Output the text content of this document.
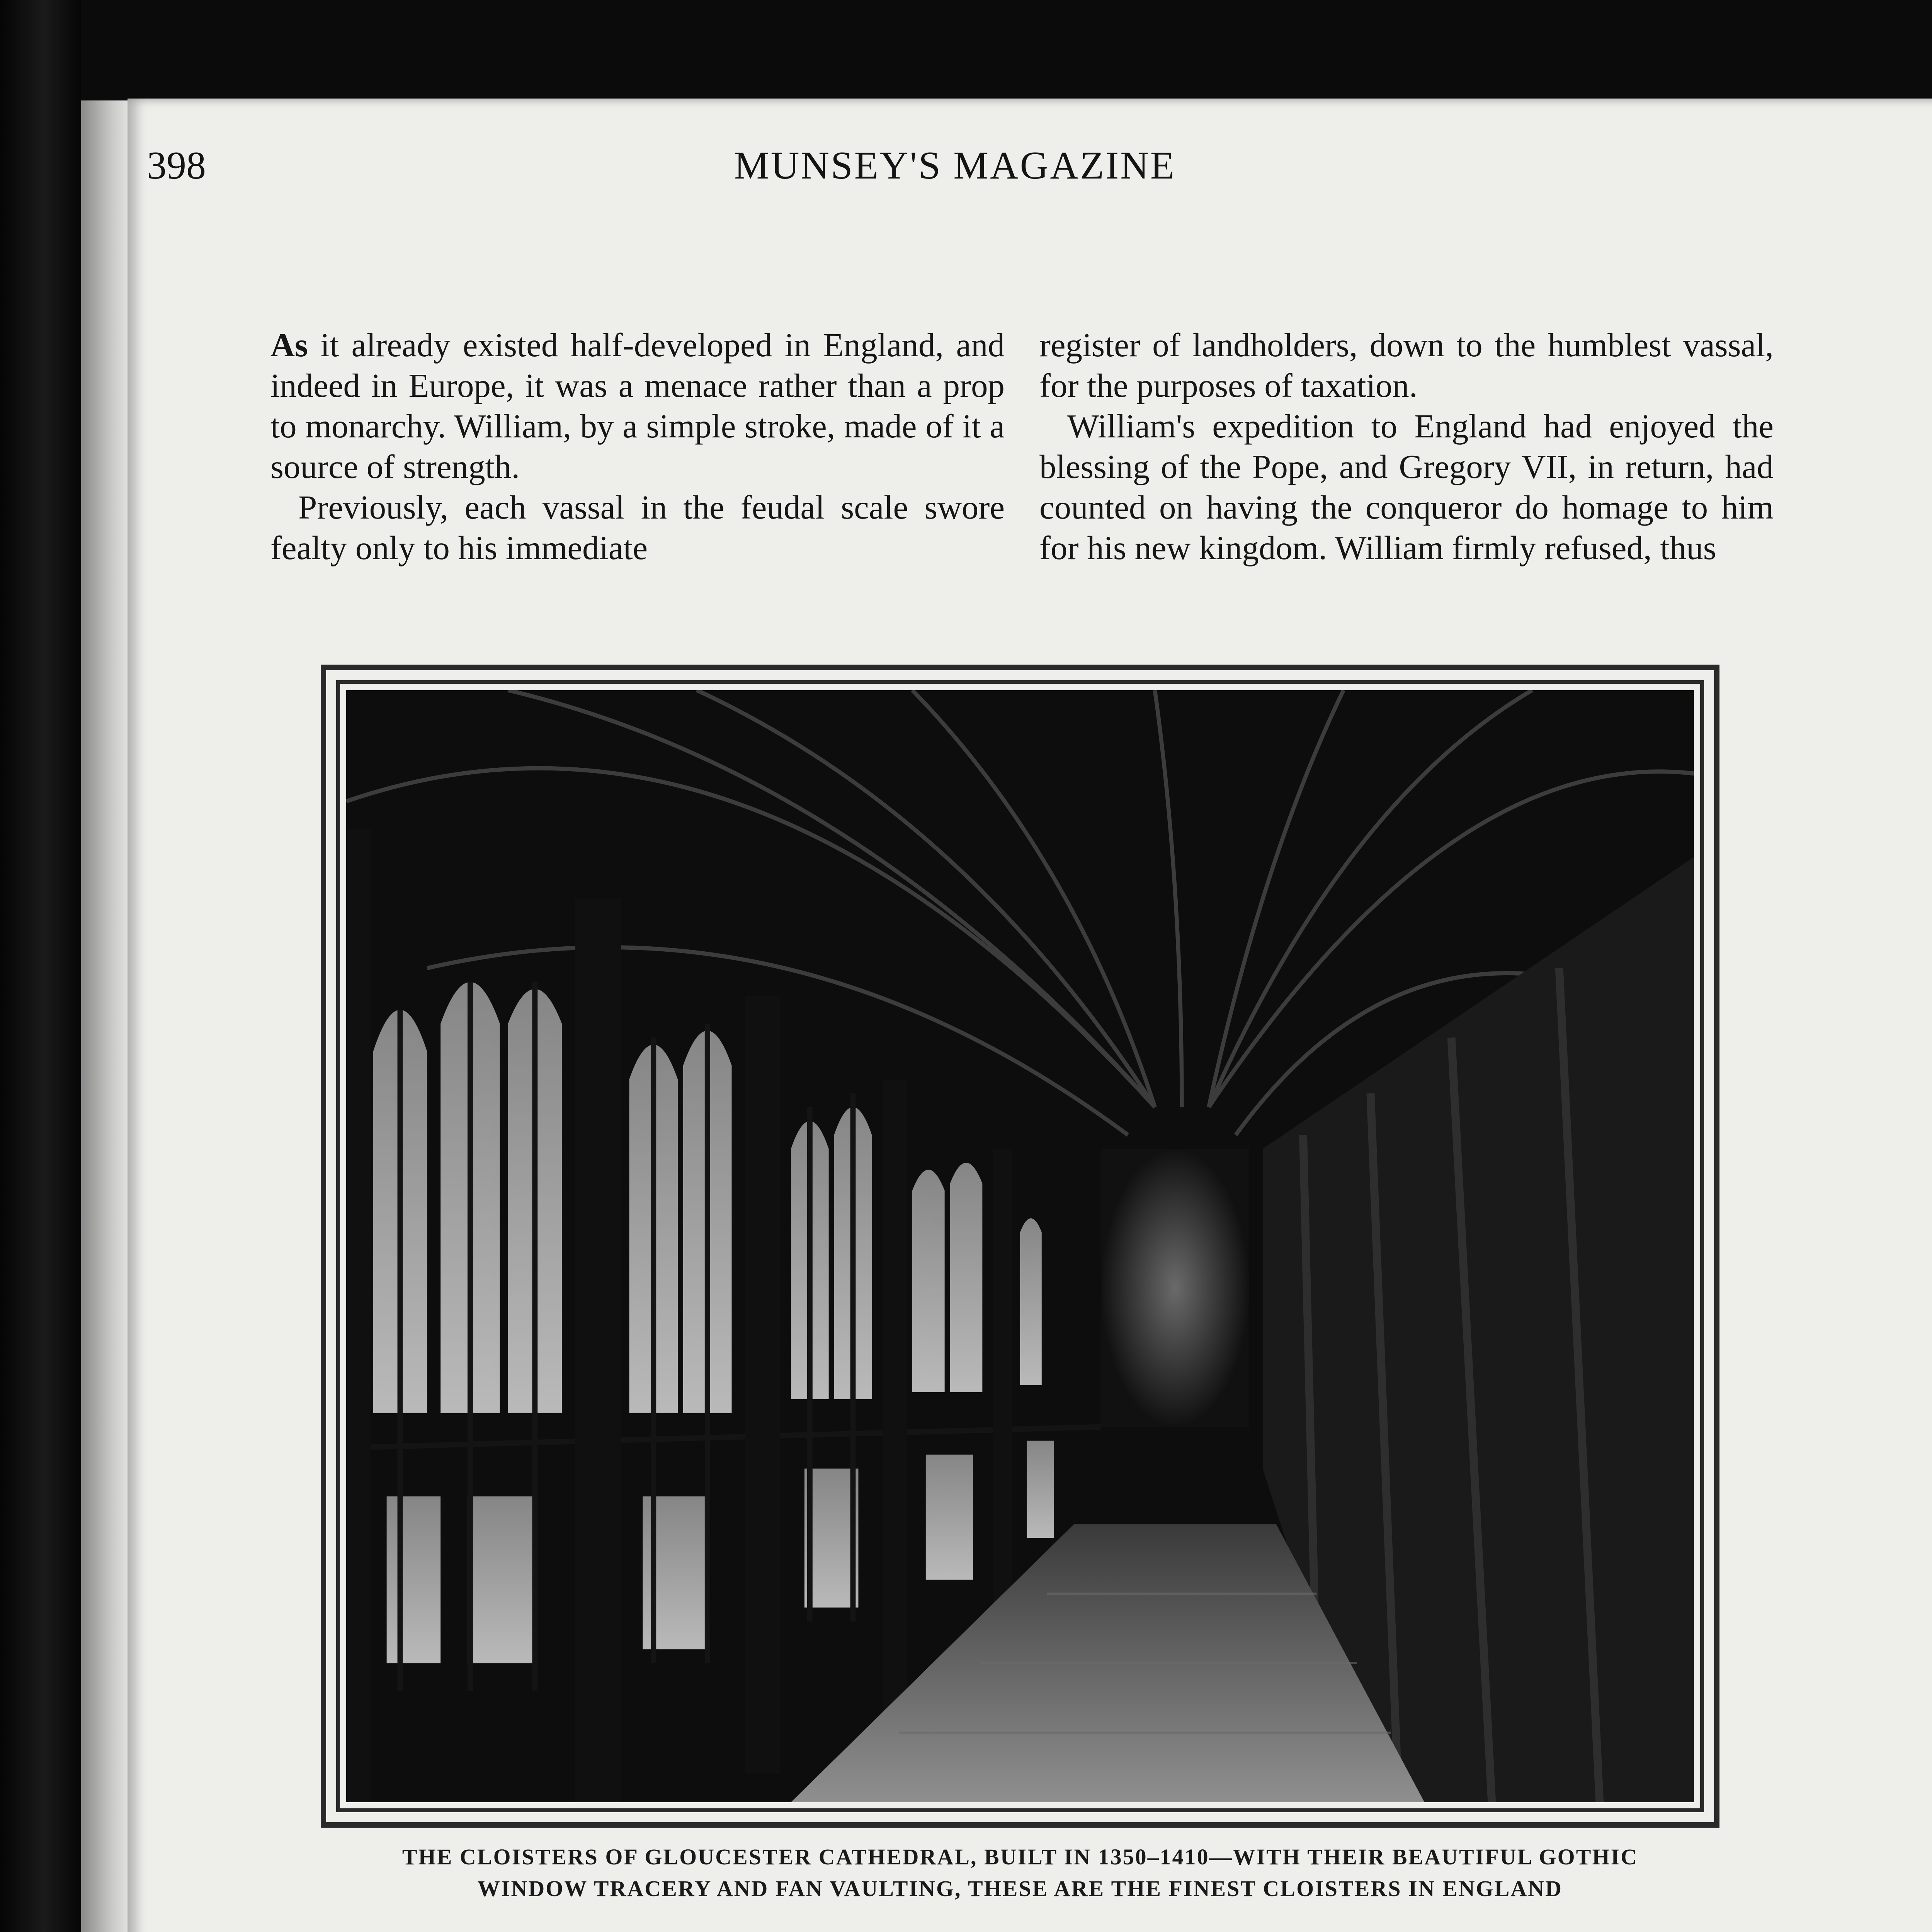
398	MUNSEY'S MAGAZINE

As it already existed half-developed in England, and indeed in Europe, it was a menace rather than a prop to monarchy. William, by a simple stroke, made of it a source of strength.

Previously, each vassal in the feudal scale swore fealty only to his immediate

register of landholders, down to the humblest vassal, for the purposes of taxation.

William's expedition to England had enjoyed the blessing of the Pope, and Gregory VII, in return, had counted on having the conqueror do homage to him for his new kingdom. William firmly refused, thus

THE CLOISTERS OF GLOUCESTER CATHEDRAL, BUILT IN 1350–1410—WITH THEIR BEAUTIFUL GOTHIC
WINDOW TRACERY AND FAN VAULTING, THESE ARE THE FINEST CLOISTERS IN ENGLAND
